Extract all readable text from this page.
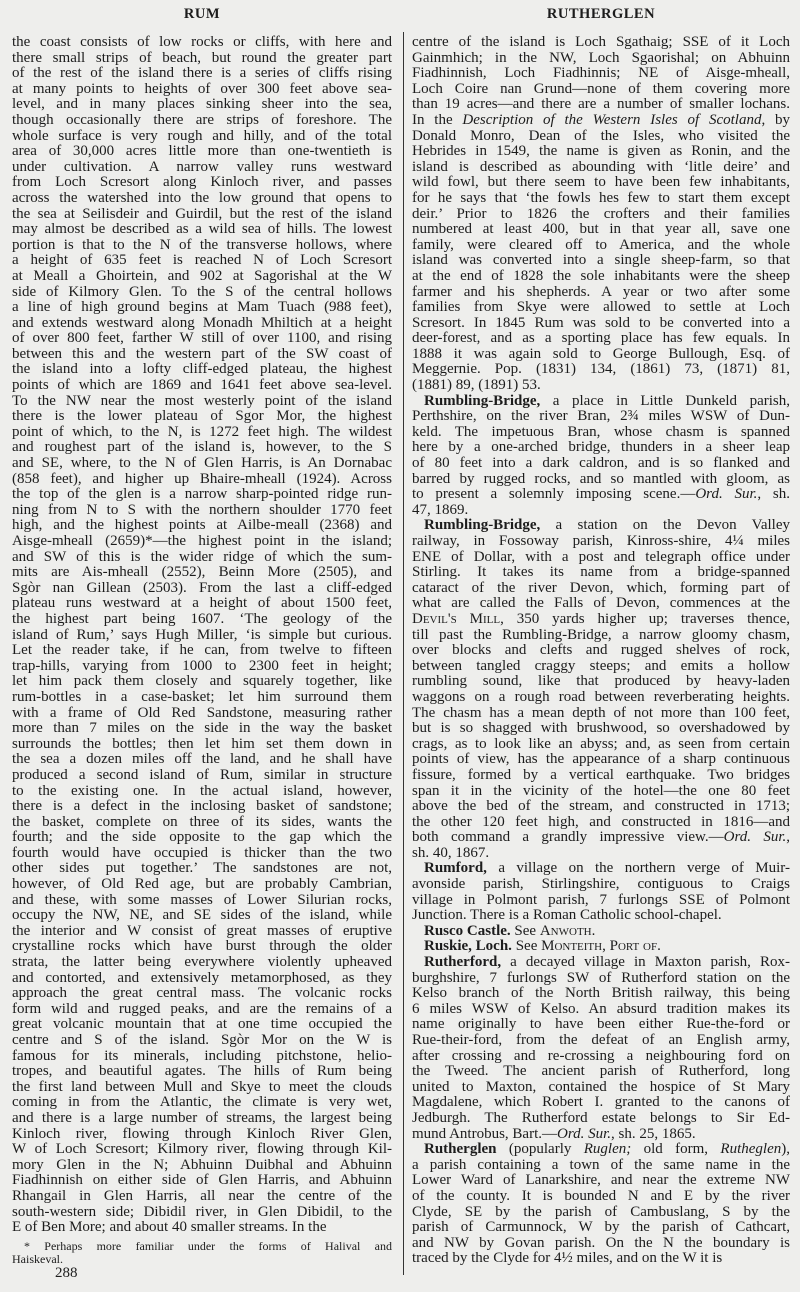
RUM	RUTHERGLEN
the coast consists of low rocks or cliffs, with here and
there small strips of beach, but round the greater part
of the rest of the island there is a series of cliffs rising
at many points to heights of over 300 feet above sea-
level, and in many places sinking sheer into the sea,
though occasionally there are strips of foreshore. The
whole surface is very rough and hilly, and of the total
area of 30,000 acres little more than one-twentieth is
under cultivation. A narrow valley runs westward
from Loch Scresort along Kinloch river, and passes
across the watershed into the low ground that opens to
the sea at Seilisdeir and Guirdil, but the rest of the island
may almost be described as a wild sea of hills. The lowest
portion is that to the N of the transverse hollows, where
a height of 635 feet is reached N of Loch Scresort
at Meall a Ghoirtein, and 902 at Sagorishal at the W
side of Kilmory Glen. To the S of the central hollows
a line of high ground begins at Mam Tuach (988 feet),
and extends westward along Monadh Mhiltich at a height
of over 800 feet, farther W still of over 1100, and rising
between this and the western part of the SW coast of
the island into a lofty cliff-edged plateau, the highest
points of which are 1869 and 1641 feet above sea-level.
To the NW near the most westerly point of the island
there is the lower plateau of Sgor Mor, the highest
point of which, to the N, is 1272 feet high. The wildest
and roughest part of the island is, however, to the S
and SE, where, to the N of Glen Harris, is An Dornabac
(858 feet), and higher up Bhaire-mheall (1924). Across
the top of the glen is a narrow sharp-pointed ridge run-
ning from N to S with the northern shoulder 1770 feet
high, and the highest points at Ailbe-meall (2368) and
Aisge-mheall (2659)*—the highest point in the island;
and SW of this is the wider ridge of which the sum-
mits are Ais-mheall (2552), Beinn More (2505), and
Sgòr nan Gillean (2503). From the last a cliff-edged
plateau runs westward at a height of about 1500 feet,
the highest part being 1607. ‘The geology of the
island of Rum,’ says Hugh Miller, ‘is simple but curious.
Let the reader take, if he can, from twelve to fifteen
trap-hills, varying from 1000 to 2300 feet in height;
let him pack them closely and squarely together, like
rum-bottles in a case-basket; let him surround them
with a frame of Old Red Sandstone, measuring rather
more than 7 miles on the side in the way the basket
surrounds the bottles; then let him set them down in
the sea a dozen miles off the land, and he shall have
produced a second island of Rum, similar in structure
to the existing one. In the actual island, however,
there is a defect in the inclosing basket of sandstone;
the basket, complete on three of its sides, wants the
fourth; and the side opposite to the gap which the
fourth would have occupied is thicker than the two
other sides put together.’ The sandstones are not,
however, of Old Red age, but are probably Cambrian,
and these, with some masses of Lower Silurian rocks,
occupy the NW, NE, and SE sides of the island, while
the interior and W consist of great masses of eruptive
crystalline rocks which have burst through the older
strata, the latter being everywhere violently upheaved
and contorted, and extensively metamorphosed, as they
approach the great central mass. The volcanic rocks
form wild and rugged peaks, and are the remains of a
great volcanic mountain that at one time occupied the
centre and S of the island. Sgòr Mor on the W is
famous for its minerals, including pitchstone, helio-
tropes, and beautiful agates. The hills of Rum being
the first land between Mull and Skye to meet the clouds
coming in from the Atlantic, the climate is very wet,
and there is a large number of streams, the largest being
Kinloch river, flowing through Kinloch River Glen,
W of Loch Scresort; Kilmory river, flowing through Kil-
mory Glen in the N; Abhuinn Duibhal and Abhuinn
Fiadhinnish on either side of Glen Harris, and Abhuinn
Rhangail in Glen Harris, all near the centre of the
south-western side; Dibidil river, in Glen Dibidil, to the
E of Ben More; and about 40 smaller streams. In the
centre of the island is Loch Sgathaig; SSE of it Loch
Gainmhich; in the NW, Loch Sgaorishal; on Abhuinn
Fiadhinnish, Loch Fiadhinnis; NE of Aisge-mheall,
Loch Coire nan Grund—none of them covering more
than 19 acres—and there are a number of smaller lochans.
In the Description of the Western Isles of Scotland, by
Donald Monro, Dean of the Isles, who visited the
Hebrides in 1549, the name is given as Ronin, and the
island is described as abounding with ‘litle deire’ and
wild fowl, but there seem to have been few inhabitants,
for he says that ‘the fowls hes few to start them except
deir.’ Prior to 1826 the crofters and their families
numbered at least 400, but in that year all, save one
family, were cleared off to America, and the whole
island was converted into a single sheep-farm, so that
at the end of 1828 the sole inhabitants were the sheep
farmer and his shepherds. A year or two after some
families from Skye were allowed to settle at Loch
Scresort. In 1845 Rum was sold to be converted into a
deer-forest, and as a sporting place has few equals. In
1888 it was again sold to George Bullough, Esq. of
Meggernie. Pop. (1831) 134, (1861) 73, (1871) 81,
(1881) 89, (1891) 53.
Rumbling-Bridge, a place in Little Dunkeld parish,
Perthshire, on the river Bran, 2¾ miles WSW of Dun-
keld. The impetuous Bran, whose chasm is spanned
here by a one-arched bridge, thunders in a sheer leap
of 80 feet into a dark caldron, and is so flanked and
barred by rugged rocks, and so mantled with gloom, as
to present a solemnly imposing scene.—Ord. Sur., sh.
47, 1869.
Rumbling-Bridge, a station on the Devon Valley
railway, in Fossoway parish, Kinross-shire, 4¼ miles
ENE of Dollar, with a post and telegraph office under
Stirling. It takes its name from a bridge-spanned
cataract of the river Devon, which, forming part of
what are called the Falls of Devon, commences at the
Devil's Mill, 350 yards higher up; traverses thence,
till past the Rumbling-Bridge, a narrow gloomy chasm,
over blocks and clefts and rugged shelves of rock,
between tangled craggy steeps; and emits a hollow
rumbling sound, like that produced by heavy-laden
waggons on a rough road between reverberating heights.
The chasm has a mean depth of not more than 100 feet,
but is so shagged with brushwood, so overshadowed by
crags, as to look like an abyss; and, as seen from certain
points of view, has the appearance of a sharp continuous
fissure, formed by a vertical earthquake. Two bridges
span it in the vicinity of the hotel—the one 80 feet
above the bed of the stream, and constructed in 1713;
the other 120 feet high, and constructed in 1816—and
both command a grandly impressive view.—Ord. Sur.,
sh. 40, 1867.
Rumford, a village on the northern verge of Muir-
avonside parish, Stirlingshire, contiguous to Craigs
village in Polmont parish, 7 furlongs SSE of Polmont
Junction. There is a Roman Catholic school-chapel.
Rusco Castle. See Anwoth.
Ruskie, Loch. See Monteith, Port of.
Rutherford, a decayed village in Maxton parish, Rox-
burghshire, 7 furlongs SW of Rutherford station on the
Kelso branch of the North British railway, this being
6 miles WSW of Kelso. An absurd tradition makes its
name originally to have been either Rue-the-ford or
Rue-their-ford, from the defeat of an English army,
after crossing and re-crossing a neighbouring ford on
the Tweed. The ancient parish of Rutherford, long
united to Maxton, contained the hospice of St Mary
Magdalene, which Robert I. granted to the canons of
Jedburgh. The Rutherford estate belongs to Sir Ed-
mund Antrobus, Bart.—Ord. Sur., sh. 25, 1865.
Rutherglen (popularly Ruglen; old form, Rutheglen),
a parish containing a town of the same name in the
Lower Ward of Lanarkshire, and near the extreme NW
of the county. It is bounded N and E by the river
Clyde, SE by the parish of Cambuslang, S by the
parish of Carmunnock, W by the parish of Cathcart,
and NW by Govan parish. On the N the boundary is
traced by the Clyde for 4½ miles, and on the W it is
* Perhaps more familiar under the forms of Halival and
Haiskeval.
288
